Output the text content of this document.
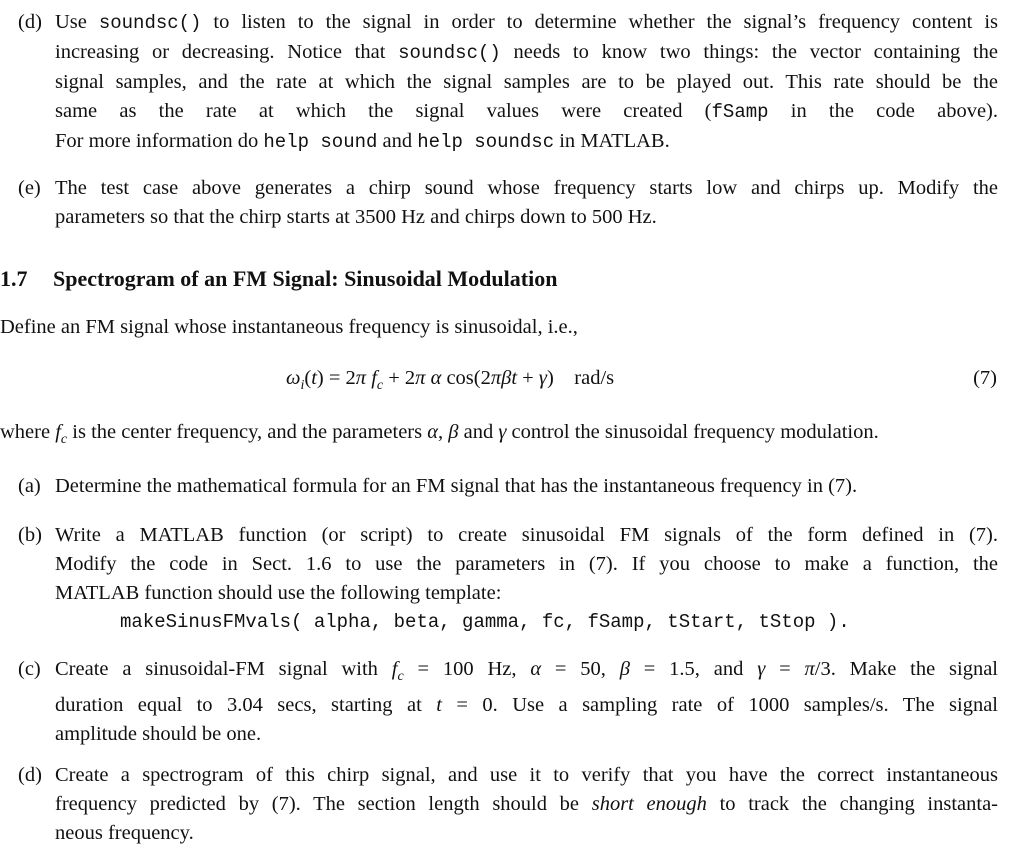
(d) Use soundsc() to listen to the signal in order to determine whether the signal’s frequency content is
increasing or decreasing. Notice that soundsc() needs to know two things: the vector containing the
signal samples, and the rate at which the signal samples are to be played out. This rate should be the
same as the rate at which the signal values were created (fSamp in the code above).
For more information do help sound and help soundsc in MATLAB.
(e) The test case above generates a chirp sound whose frequency starts low and chirps up. Modify the
parameters so that the chirp starts at 3500 Hz and chirps down to 500 Hz.
1.7 Spectrogram of an FM Signal: Sinusoidal Modulation
Define an FM signal whose instantaneous frequency is sinusoidal, i.e.,
$\omega_i(t) = 2\pi$ $f_c + 2\pi$ α cos(2πβt + γ)    rad/s	(7)
where $f_c$ is the center frequency, and the parameters α, β and γ control the sinusoidal frequency modulation.
(a) Determine the mathematical formula for an FM signal that has the instantaneous frequency in (7).
(b) Write a MATLAB function (or script) to create sinusoidal FM signals of the form defined in (7).
Modify the code in Sect. 1.6 to use the parameters in (7). If you choose to make a function, the
MATLAB function should use the following template:
makeSinusFMvals( alpha, beta, gamma, fc, fSamp, tStart, tStop ).
(c) Create a sinusoidal-FM signal with $f_c = 100$ Hz, α = 50, β = 1.5, and γ = π/3. Make the signal
duration equal to 3.04 secs, starting at t = 0. Use a sampling rate of 1000 samples/s. The signal
amplitude should be one.
(d) Create a spectrogram of this chirp signal, and use it to verify that you have the correct instantaneous
frequency predicted by (7). The section length should be short enough to track the changing instanta-
neous frequency.
